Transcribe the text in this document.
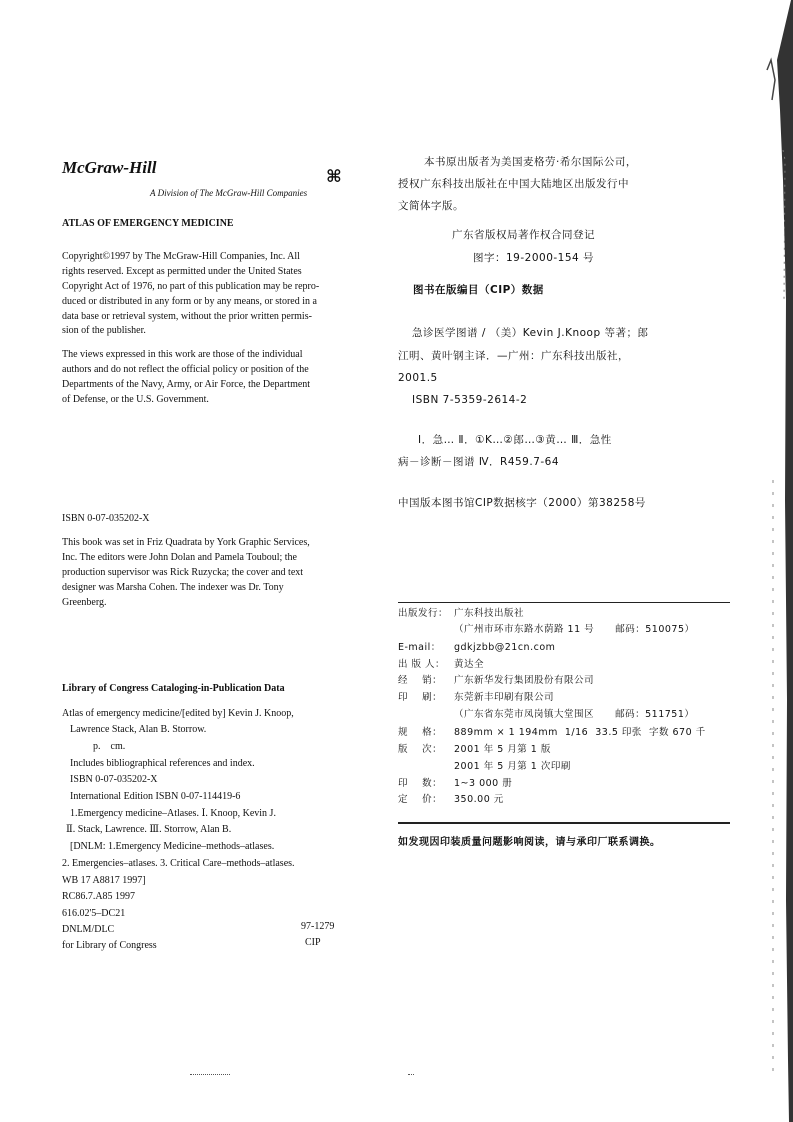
McGraw-Hill	⌘
A Division of The McGraw-Hill Companies
ATLAS OF EMERGENCY MEDICINE
Copyright©1997 by The McGraw-Hill Companies, Inc. All
rights reserved. Except as permitted under the United States
Copyright Act of 1976, no part of this publication may be repro-
duced or distributed in any form or by any means, or stored in a
data base or retrieval system, without the prior written permis-
sion of the publisher.
The views expressed in this work are those of the individual
authors and do not reflect the official policy or position of the
Departments of the Navy, Army, or Air Force, the Department
of Defense, or the U.S. Government.
ISBN 0-07-035202-X
This book was set in Friz Quadrata by York Graphic Services,
Inc. The editors were John Dolan and Pamela Touboul; the
production supervisor was Rick Ruzycka; the cover and text
designer was Marsha Cohen. The indexer was Dr. Tony
Greenberg.
Library of Congress Cataloging-in-Publication Data
Atlas of emergency medicine/[edited by] Kevin J. Knoop,
Lawrence Stack, Alan B. Storrow.
p.    cm.
Includes bibliographical references and index.
ISBN 0-07-035202-X
International Edition ISBN 0-07-114419-6
1.Emergency medicine–Atlases. Ⅰ. Knoop, Kevin J.
Ⅱ. Stack, Lawrence. Ⅲ. Storrow, Alan B.
[DNLM: 1.Emergency Medicine–methods–atlases.
2. Emergencies–atlases. 3. Critical Care–methods–atlases.
WB 17 A8817 1997]
RC86.7.A85 1997
616.02'5–DC21
DNLM/DLC	97-1279
for Library of Congress	CIP
本书原出版者为美国麦格劳·希尔国际公司，
授权广东科技出版社在中国大陆地区出版发行中
文简体字版。
广东省版权局著作权合同登记
图字：19-2000-154 号
图书在版编目（CIP）数据
急诊医学图谱 / （美）Kevin J.Knoop 等著；郎
江明、黄叶钢主译．—广州：广东科技出版社，
2001.5
ISBN 7-5359-2614-2
Ⅰ．急… Ⅱ．①K…②郎…③黄… Ⅲ．急性
病－诊断－图谱 Ⅳ．R459.7-64
中国版本图书馆CIP数据核字（2000）第38258号
出版发行： 广东科技出版社
（广州市环市东路水荫路 11 号      邮码：510075）
E-mail： gdkjzbb@21cn.com
出 版 人： 黄达全
经    销： 广东新华发行集团股份有限公司
印    刷： 东莞新丰印刷有限公司
（广东省东莞市凤岗镇大堂围区      邮码：511751）
规    格： 889mm × 1 194mm  1/16  33.5 印张  字数 670 千
版    次： 2001 年 5 月第 1 版
2001 年 5 月第 1 次印刷
印    数： 1~3 000 册
定    价： 350.00 元
如发现因印装质量问题影响阅读，请与承印厂联系调换。
